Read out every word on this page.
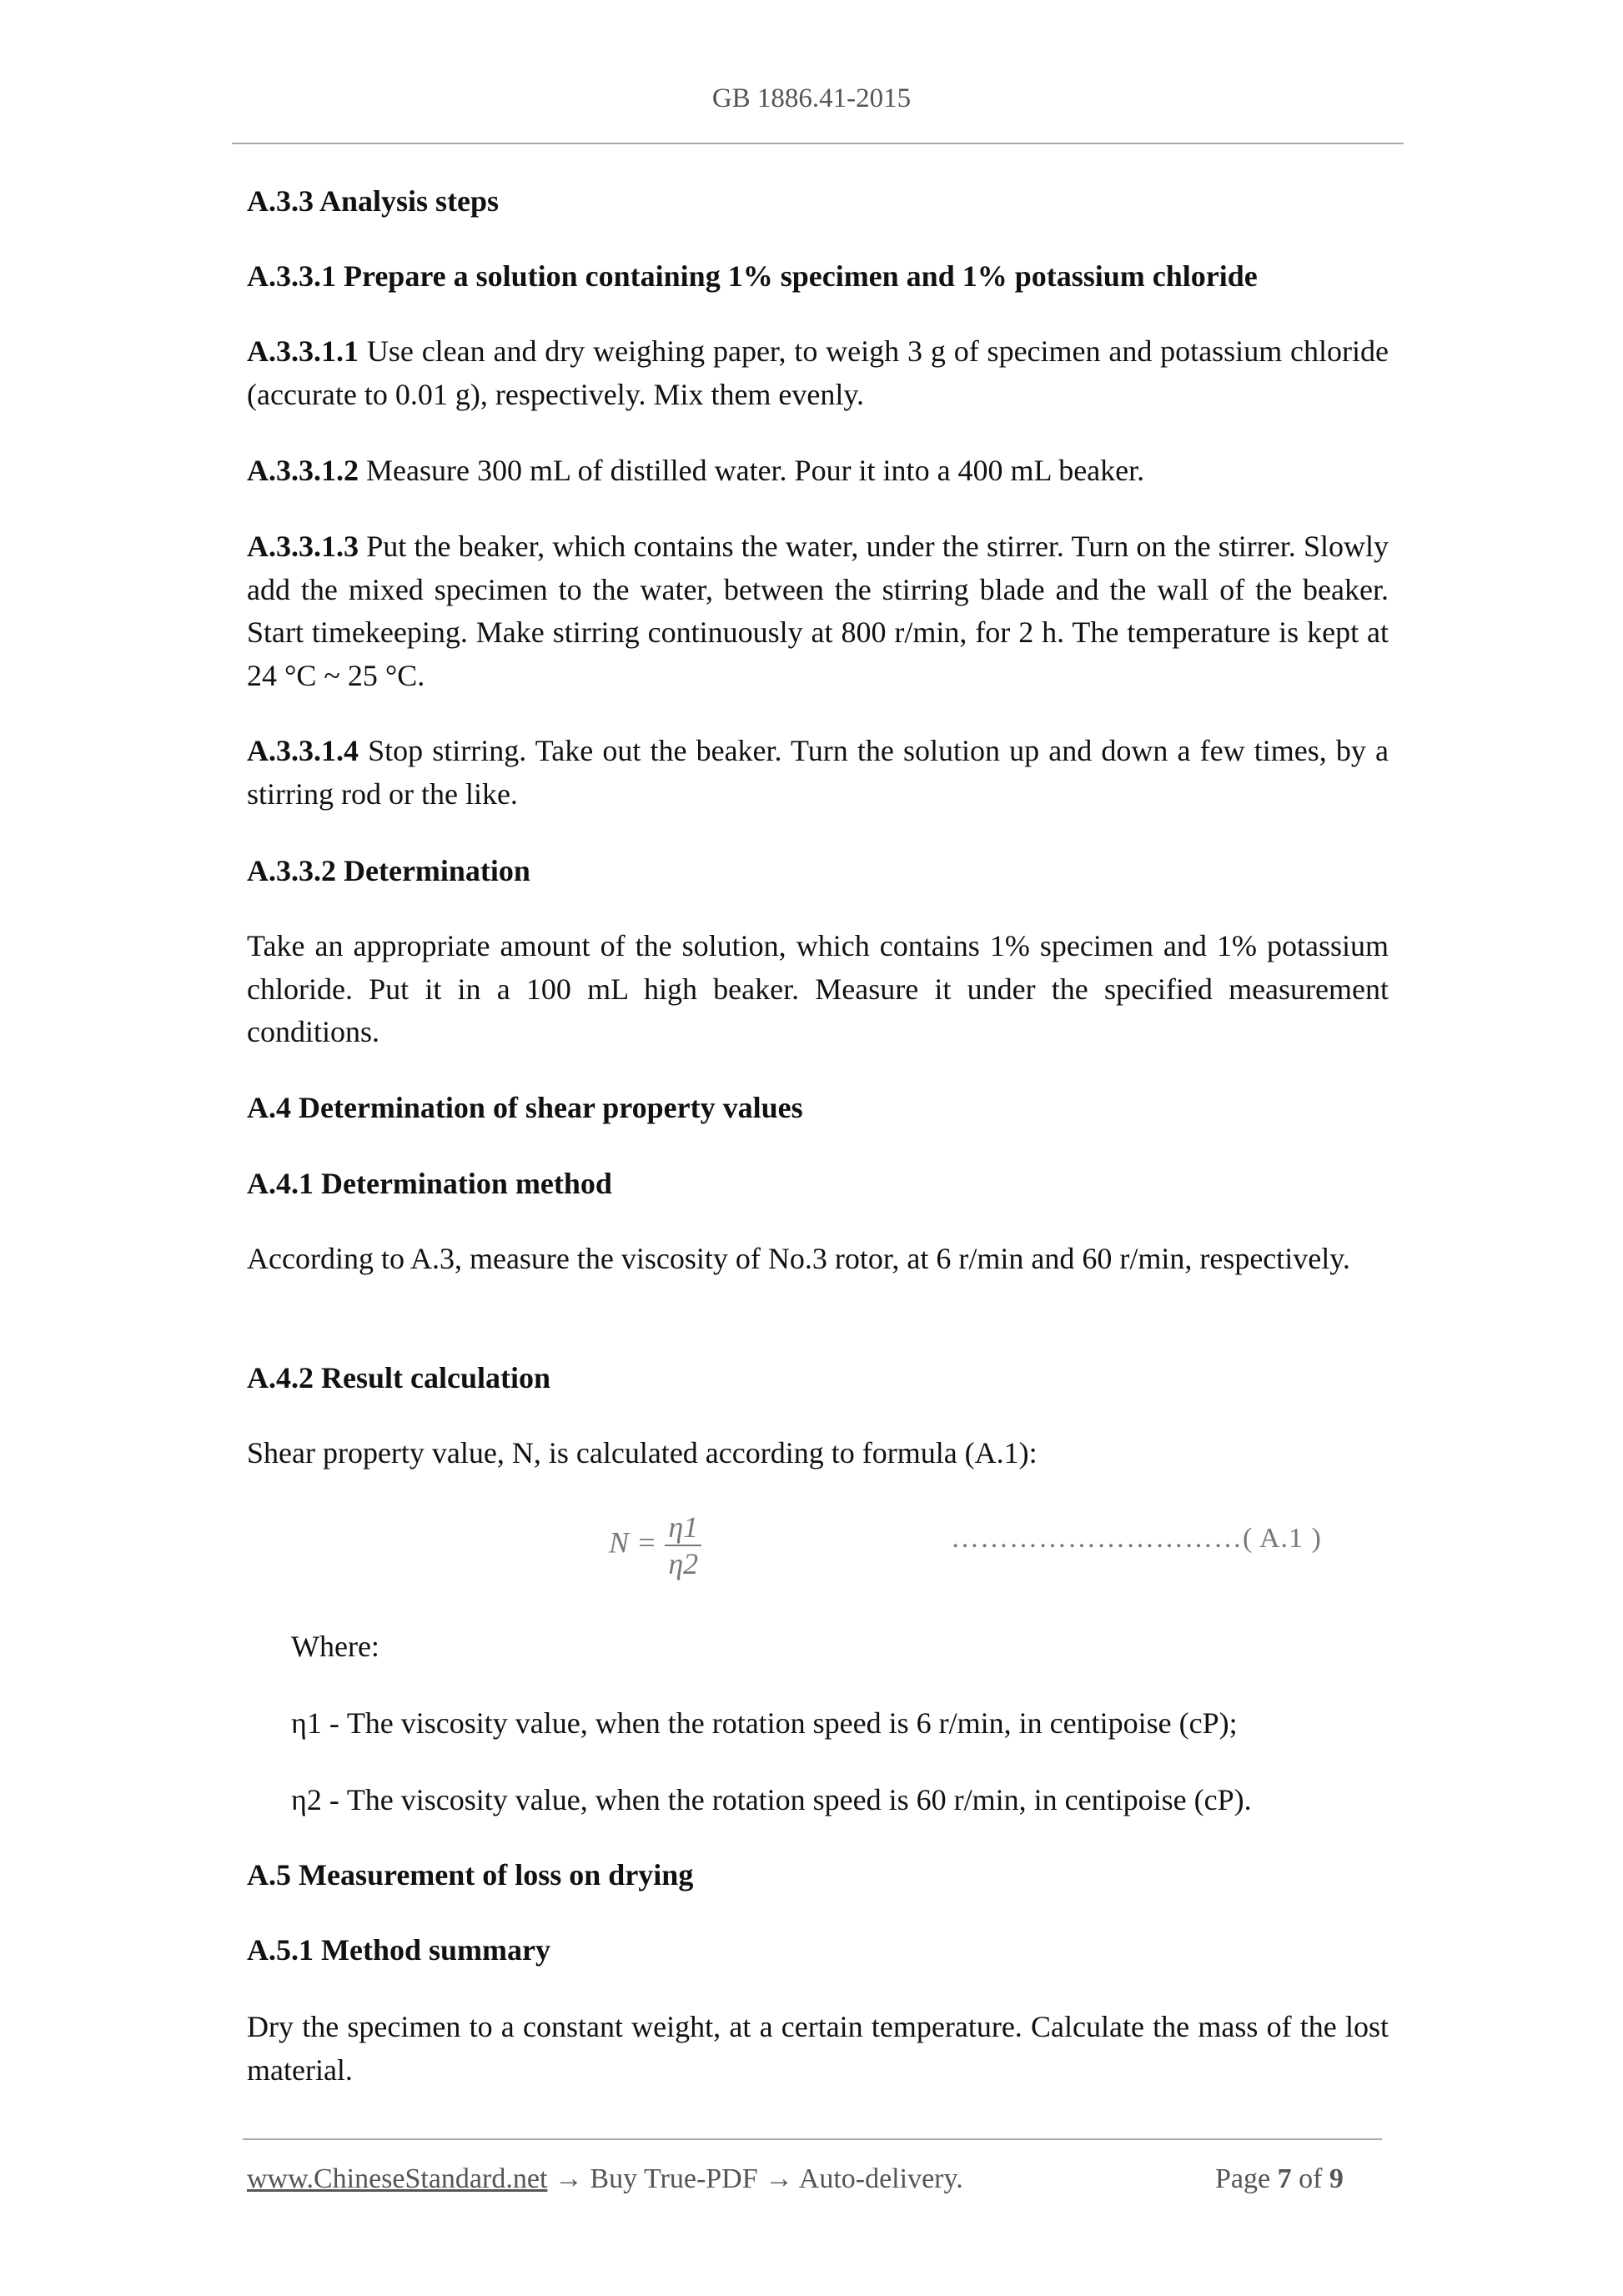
GB 1886.41-2015
A.3.3 Analysis steps
A.3.3.1 Prepare a solution containing 1% specimen and 1% potassium chloride
A.3.3.1.1 Use clean and dry weighing paper, to weigh 3 g of specimen and potassium chloride (accurate to 0.01 g), respectively. Mix them evenly.
A.3.3.1.2 Measure 300 mL of distilled water. Pour it into a 400 mL beaker.
A.3.3.1.3 Put the beaker, which contains the water, under the stirrer. Turn on the stirrer. Slowly add the mixed specimen to the water, between the stirring blade and the wall of the beaker. Start timekeeping. Make stirring continuously at 800 r/min, for 2 h. The temperature is kept at 24 °C ~ 25 °C.
A.3.3.1.4 Stop stirring. Take out the beaker. Turn the solution up and down a few times, by a stirring rod or the like.
A.3.3.2 Determination
Take an appropriate amount of the solution, which contains 1% specimen and 1% potassium chloride. Put it in a 100 mL high beaker. Measure it under the specified measurement conditions.
A.4 Determination of shear property values
A.4.1 Determination method
According to A.3, measure the viscosity of No.3 rotor, at 6 r/min and 60 r/min, respectively.
A.4.2 Result calculation
Shear property value, N, is calculated according to formula (A.1):
$N = \frac{\eta 1}{\eta 2}$	…………………………( A.1 )
Where:
η1 - The viscosity value, when the rotation speed is 6 r/min, in centipoise (cP);
η2 - The viscosity value, when the rotation speed is 60 r/min, in centipoise (cP).
A.5 Measurement of loss on drying
A.5.1 Method summary
Dry the specimen to a constant weight, at a certain temperature. Calculate the mass of the lost material.
www.ChineseStandard.net → Buy True-PDF → Auto-delivery.	Page 7 of 9
